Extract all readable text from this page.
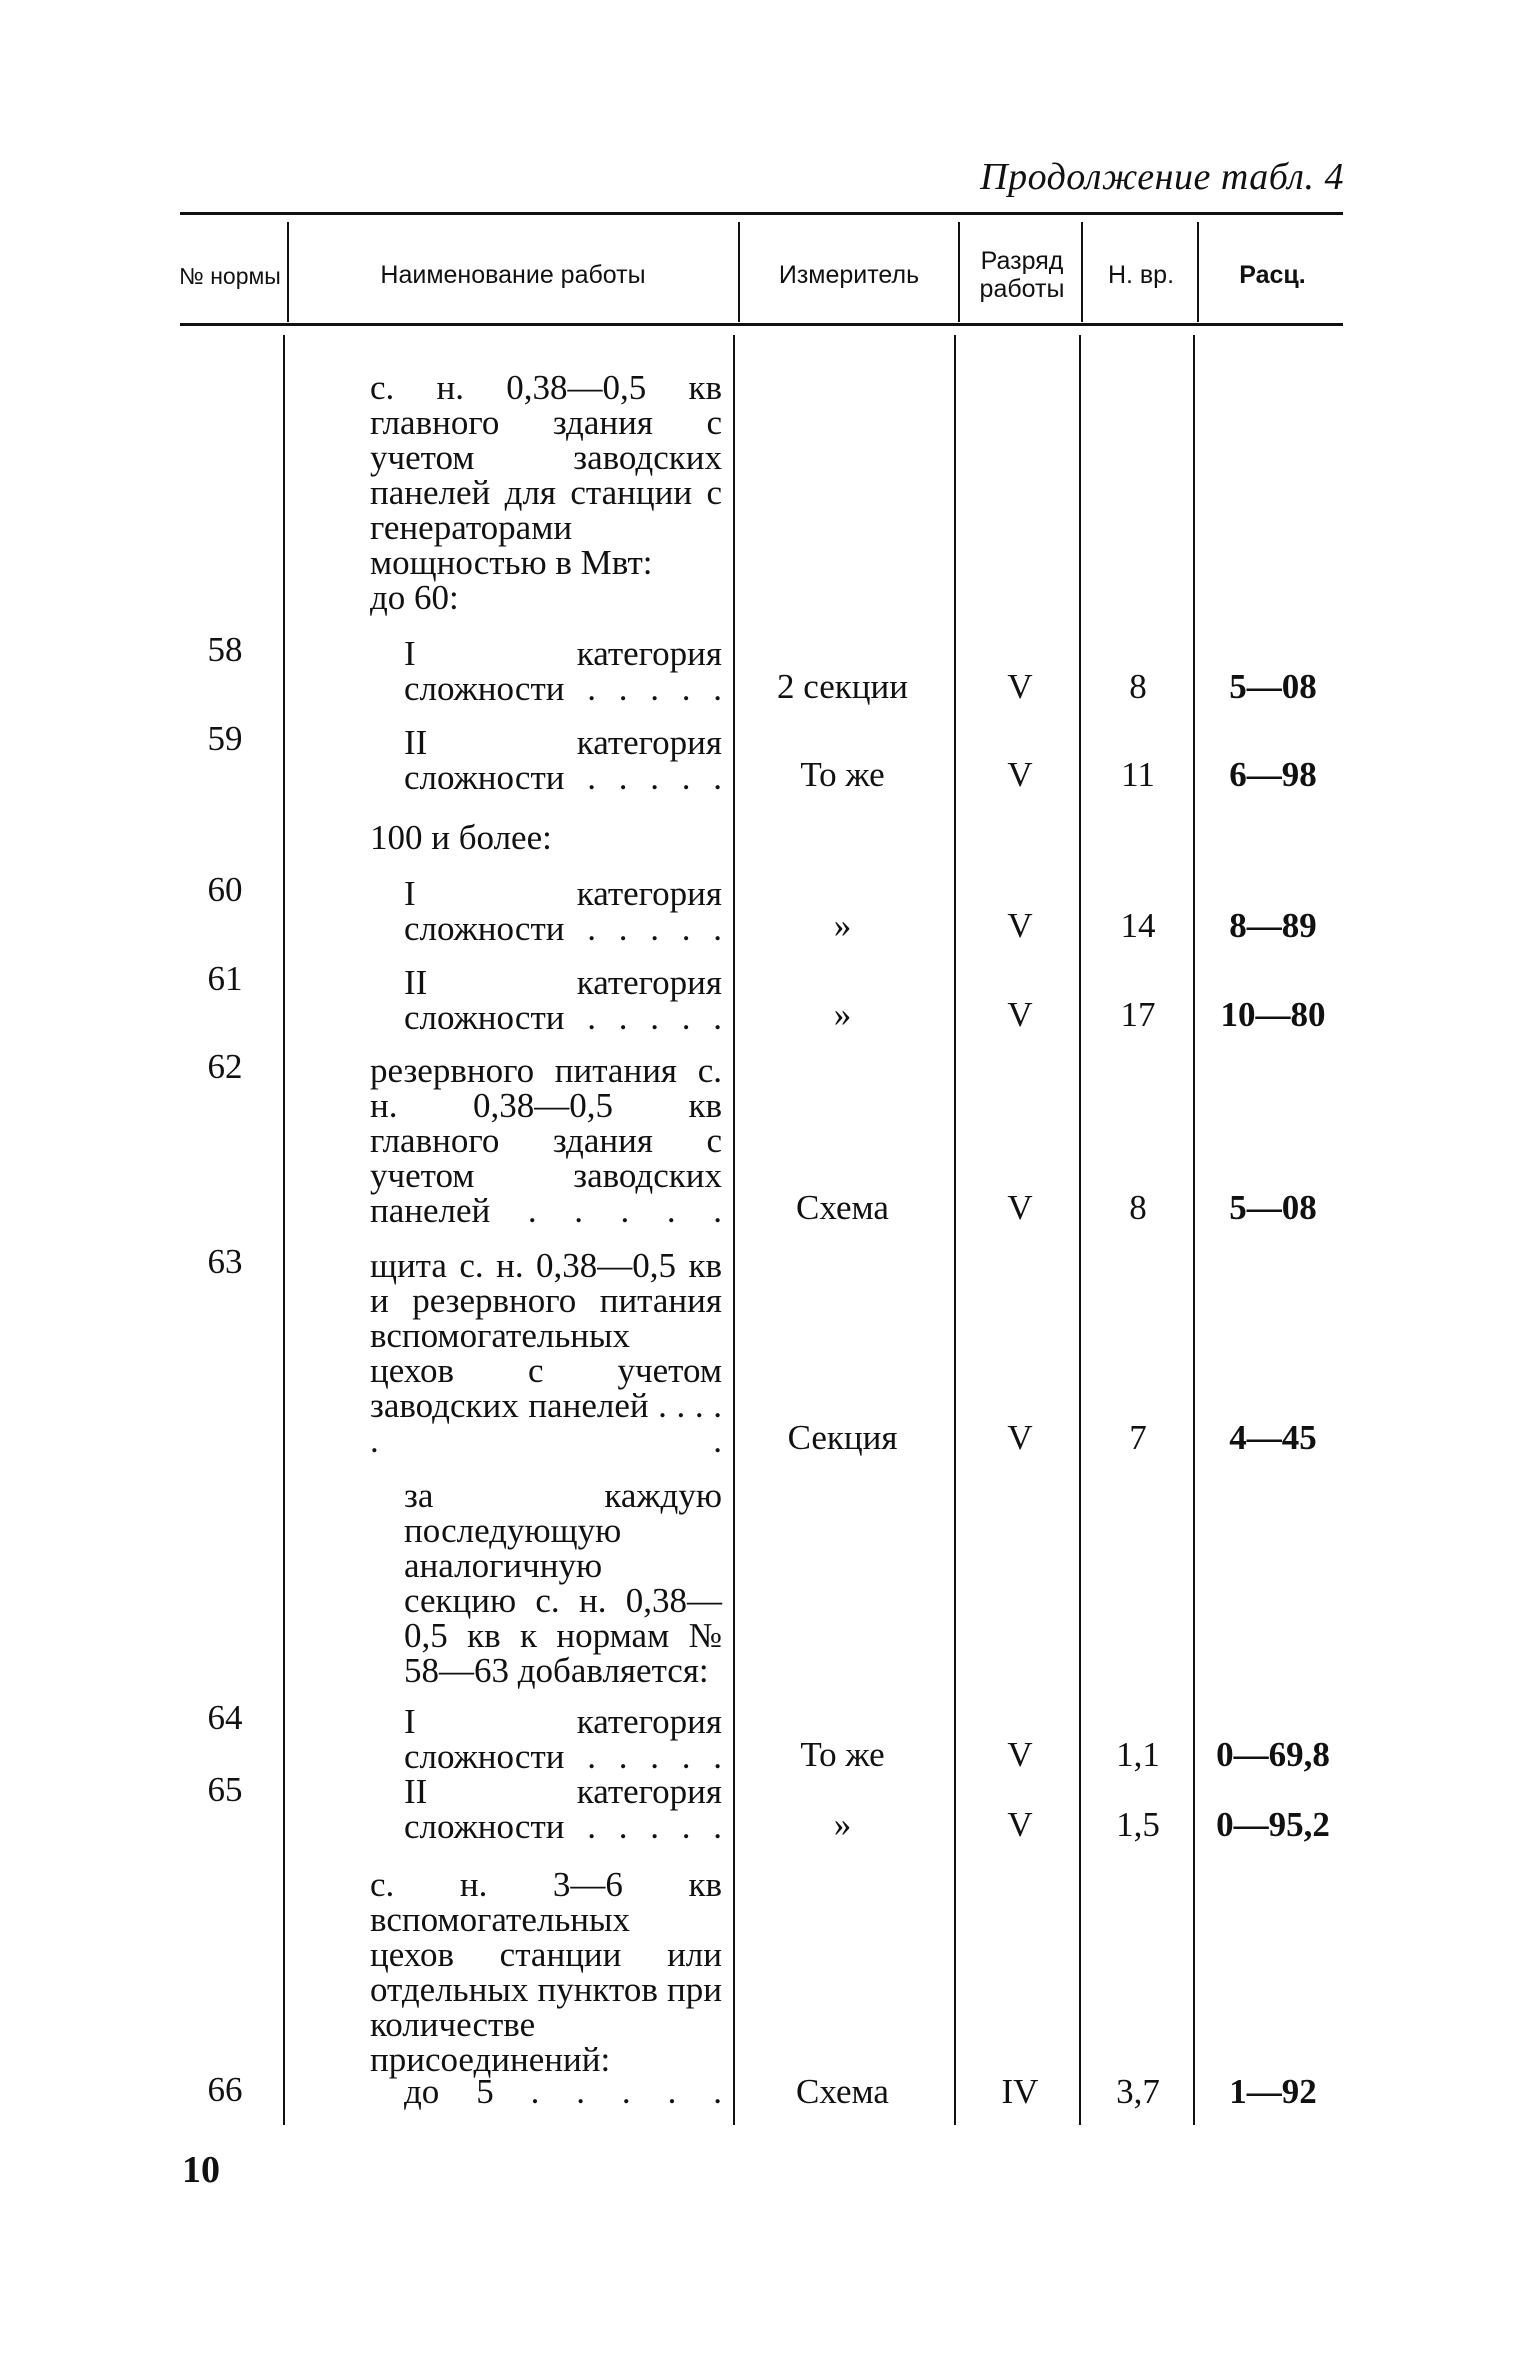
Продолжение табл. 4
№ нормы	Наименование работы	Измеритель	Разряд работы	Н. вр.	Расц.
с. н. 0,38—0,5 кв главного здания с учетом заводских панелей для станции с генераторами мощностью в Мвт:
до 60:
58	I категория сложности . . . . .	2 секции	V	8	5—08
59	II категория сложности . . . . .	То же	V	11	6—98
100 и более:
60	I категория сложности . . . . .	»	V	14	8—89
61	II категория сложности . . . . .	»	V	17	10—80
62	резервного питания с. н. 0,38—0,5 кв главного здания с учетом заводских панелей . . . . .	Схема	V	8	5—08
63	щита с. н. 0,38—0,5 кв и резервного питания вспомогательных цехов с учетом заводских панелей . . . . . .	Секция	V	7	4—45
за каждую последующую аналогичную секцию с. н. 0,38—0,5 кв к нормам № 58—63 добавляется:
64	I категория сложности . . . . .	То же	V	1,1	0—69,8
65	II категория сложности . . . . .	»	V	1,5	0—95,2
с. н. 3—6 кв вспомогательных цехов станции или отдельных пунктов при количестве присоединений:
66	до 5 . . . . .	Схема	IV	3,7	1—92
10
